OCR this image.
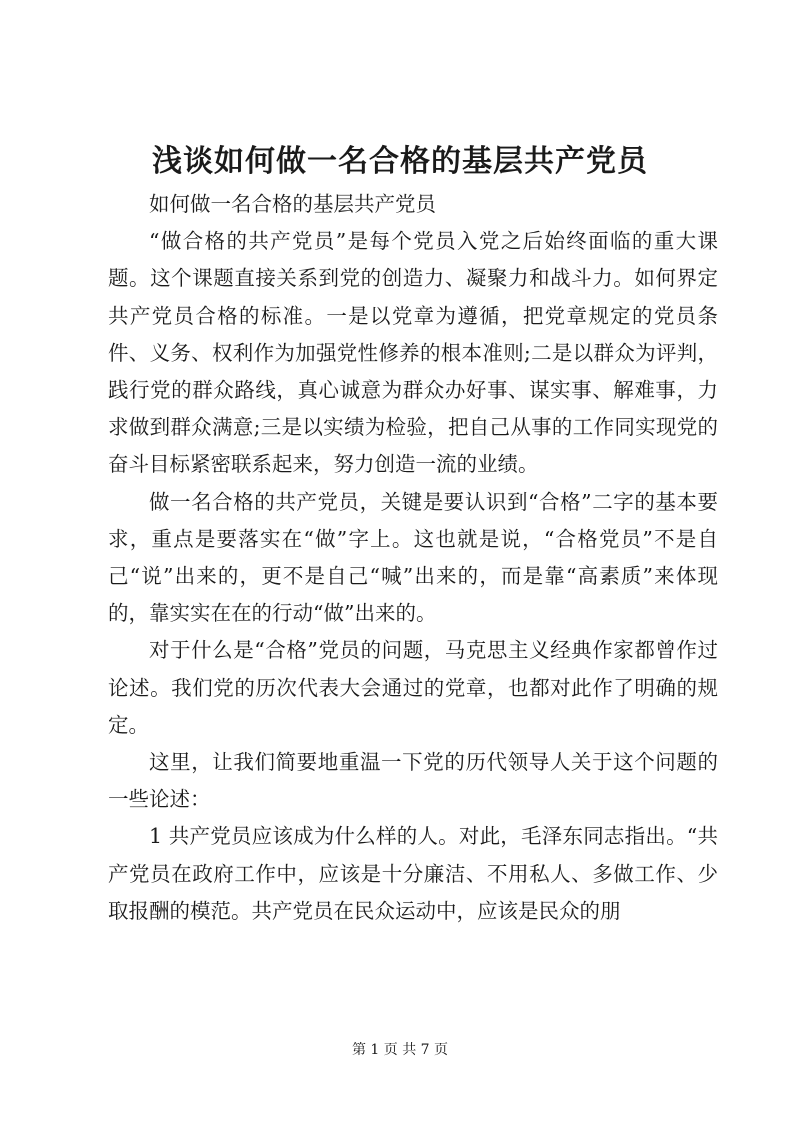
浅谈如何做一名合格的基层共产党员

如何做一名合格的基层共产党员

“做合格的共产党员”是每个党员入党之后始终面临的重大课题。这个课题直接关系到党的创造力、凝聚力和战斗力。如何界定共产党员合格的标准。一是以党章为遵循，把党章规定的党员条件、义务、权利作为加强党性修养的根本准则;二是以群众为评判，践行党的群众路线，真心诚意为群众办好事、谋实事、解难事，力求做到群众满意;三是以实绩为检验，把自己从事的工作同实现党的奋斗目标紧密联系起来，努力创造一流的业绩。

做一名合格的共产党员，关键是要认识到“合格”二字的基本要求，重点是要落实在“做”字上。这也就是说，“合格党员”不是自己“说”出来的，更不是自己“喊”出来的，而是靠“高素质”来体现的，靠实实在在的行动“做”出来的。

对于什么是“合格”党员的问题，马克思主义经典作家都曾作过论述。我们党的历次代表大会通过的党章，也都对此作了明确的规定。

这里，让我们简要地重温一下党的历代领导人关于这个问题的一些论述：

1 共产党员应该成为什么样的人。对此，毛泽东同志指出。“共产党员在政府工作中，应该是十分廉洁、不用私人、多做工作、少取报酬的模范。共产党员在民众运动中，应该是民众的朋

第 1 页 共 7 页
